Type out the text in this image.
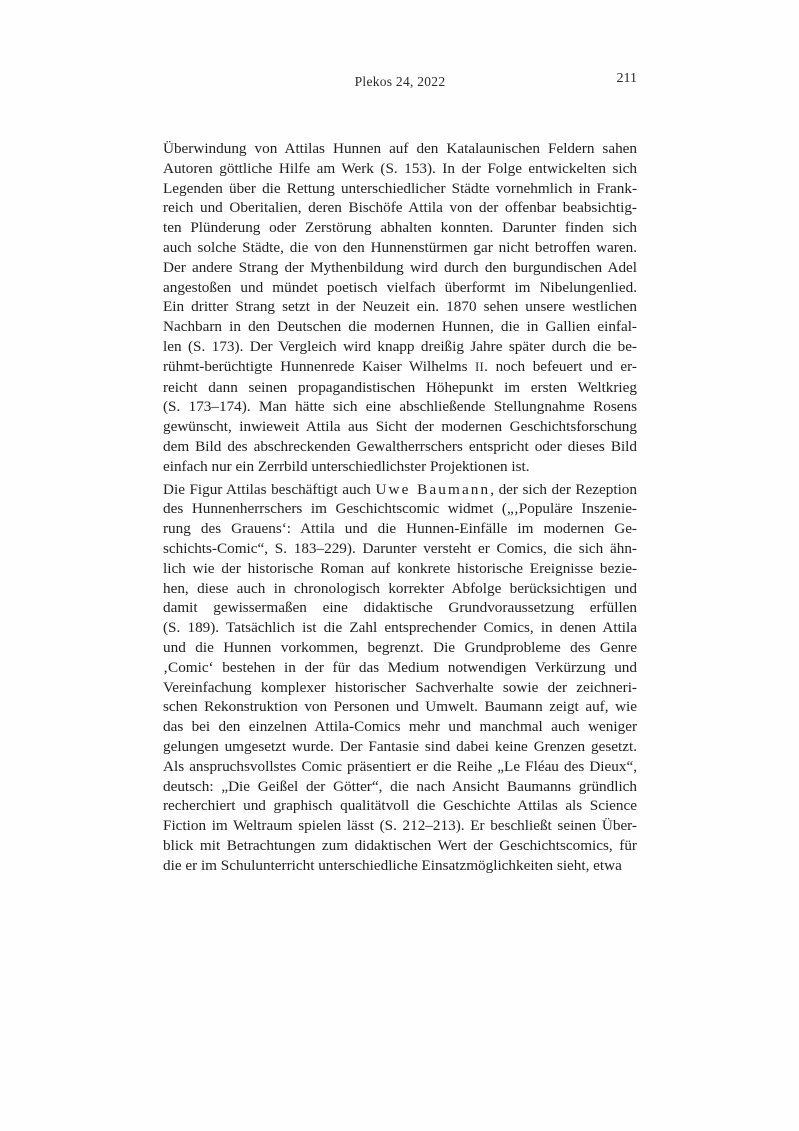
Plekos 24, 2022	211
Überwindung von Attilas Hunnen auf den Katalaunischen Feldern sahen
Autoren göttliche Hilfe am Werk (S. 153). In der Folge entwickelten sich
Legenden über die Rettung unterschiedlicher Städte vornehmlich in Frank-
reich und Oberitalien, deren Bischöfe Attila von der offenbar beabsichtig-
ten Plünderung oder Zerstörung abhalten konnten. Darunter finden sich
auch solche Städte, die von den Hunnenstürmen gar nicht betroffen waren.
Der andere Strang der Mythenbildung wird durch den burgundischen Adel
angestoßen und mündet poetisch vielfach überformt im Nibelungenlied.
Ein dritter Strang setzt in der Neuzeit ein. 1870 sehen unsere westlichen
Nachbarn in den Deutschen die modernen Hunnen, die in Gallien einfal-
len (S. 173). Der Vergleich wird knapp dreißig Jahre später durch die be-
rühmt-berüchtigte Hunnenrede Kaiser Wilhelms II. noch befeuert und er-
reicht dann seinen propagandistischen Höhepunkt im ersten Weltkrieg
(S. 173–174). Man hätte sich eine abschließende Stellungnahme Rosens
gewünscht, inwieweit Attila aus Sicht der modernen Geschichtsforschung
dem Bild des abschreckenden Gewaltherrschers entspricht oder dieses Bild
einfach nur ein Zerrbild unterschiedlichster Projektionen ist.
Die Figur Attilas beschäftigt auch Uwe Baumann, der sich der Rezeption
des Hunnenherrschers im Geschichtscomic widmet („‚Populäre Inszenie-
rung des Grauens‘: Attila und die Hunnen-Einfälle im modernen Ge-
schichts-Comic“, S. 183–229). Darunter versteht er Comics, die sich ähn-
lich wie der historische Roman auf konkrete historische Ereignisse bezie-
hen, diese auch in chronologisch korrekter Abfolge berücksichtigen und
damit gewissermaßen eine didaktische Grundvoraussetzung erfüllen
(S. 189). Tatsächlich ist die Zahl entsprechender Comics, in denen Attila
und die Hunnen vorkommen, begrenzt. Die Grundprobleme des Genre
‚Comic‘ bestehen in der für das Medium notwendigen Verkürzung und
Vereinfachung komplexer historischer Sachverhalte sowie der zeichneri-
schen Rekonstruktion von Personen und Umwelt. Baumann zeigt auf, wie
das bei den einzelnen Attila-Comics mehr und manchmal auch weniger
gelungen umgesetzt wurde. Der Fantasie sind dabei keine Grenzen gesetzt.
Als anspruchsvollstes Comic präsentiert er die Reihe „Le Fléau des Dieux“,
deutsch: „Die Geißel der Götter“, die nach Ansicht Baumanns gründlich
recherchiert und graphisch qualitätvoll die Geschichte Attilas als Science
Fiction im Weltraum spielen lässt (S. 212–213). Er beschließt seinen Über-
blick mit Betrachtungen zum didaktischen Wert der Geschichtscomics, für
die er im Schulunterricht unterschiedliche Einsatzmöglichkeiten sieht, etwa
